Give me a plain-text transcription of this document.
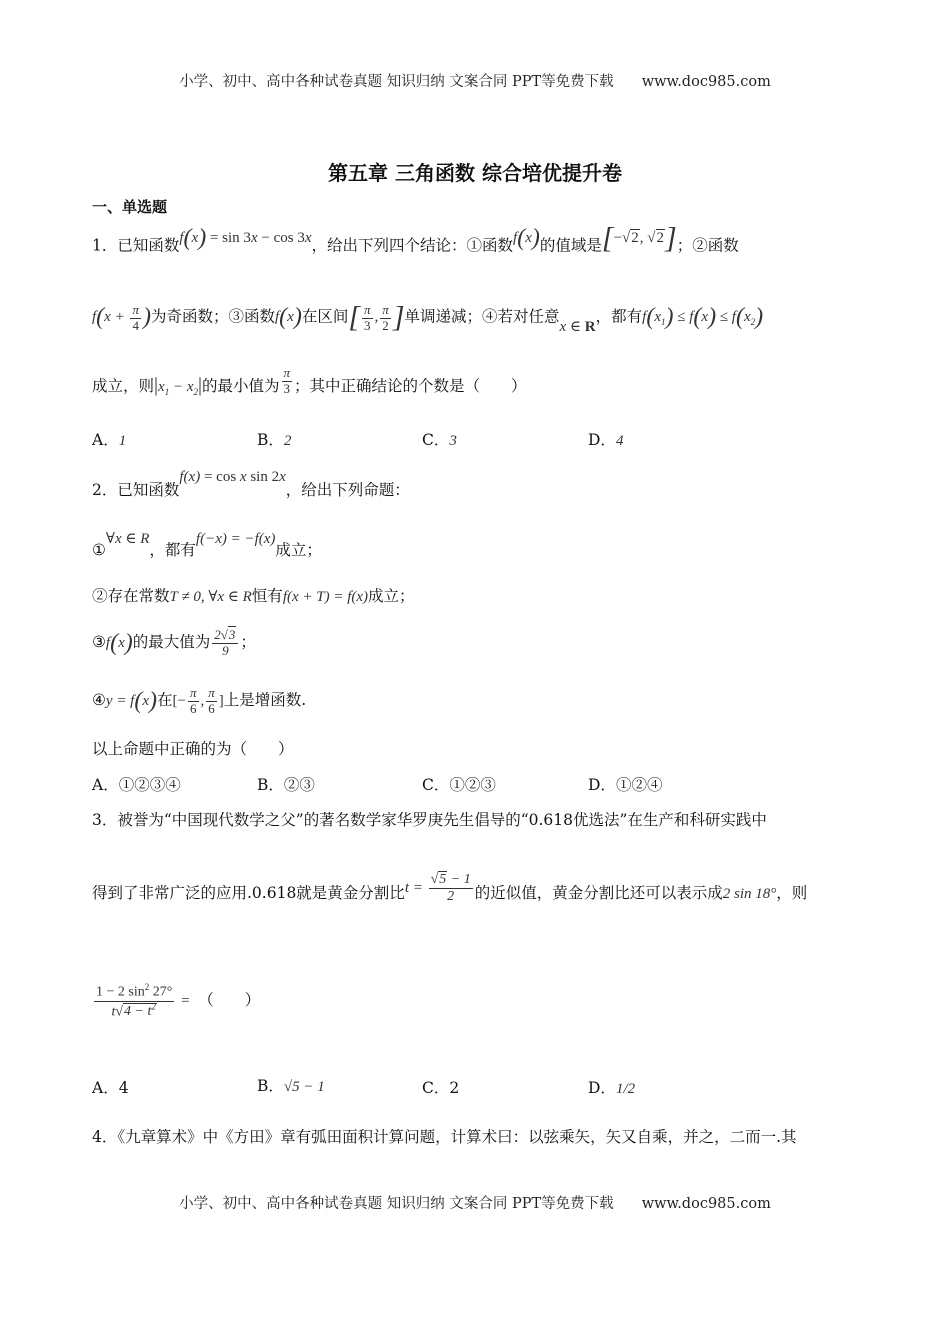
小学、初中、高中各种试卷真题 知识归纳 文案合同 PPT等免费下载 www.doc985.com
小学、初中、高中各种试卷真题 知识归纳 文案合同 PPT等免费下载 www.doc985.com
第五章 三角函数 综合培优提升卷
一、单选题
1．已知函数f(x) = sin 3x − cos 3x，给出下列四个结论：①函数f(x)的值域是[−√2, √2]；②函数
$f(x + \frac{\pi}{4}$ )为奇函数；③函数f(x)在区间[ $\frac{\pi}{3}$ , $\frac{\pi}{2}$ ]单调递减；④若对任意x ∈ R，都有$f(x_1) \le f(x) \le f(x_2)$
成立，则$|x_1 - x_2|$的最小值为 $\frac{\pi}{3}$ ；其中正确结论的个数是（　　）
A．1	B．2	C．3	D．4
2．已知函数f(x) = cos x sin 2x，给出下列命题：
①∀x ∈ R，都有f(−x) = −f(x)成立；
②存在常数T ≠ 0, ∀x ∈ R恒有f(x + T) = f(x)成立；
③f(x)的最大值为 $\frac{2√3}{9}$ ；
④y = f(x)在[− $\frac{\pi}{6}$ , $\frac{\pi}{6}$ ]上是增函数.
以上命题中正确的为（　　）
A．①②③④	B．②③	C．①②③	D．①②④
3．被誉为“中国现代数学之父”的著名数学家华罗庚先生倡导的“0.618优选法”在生产和科研实践中
得到了非常广泛的应用.0.618就是黄金分割比$t = \frac{√5 - 1}{2}$ 的近似值，黄金分割比还可以表示成2 sin 18°，则
$\frac{1 - 2 \sin^2 27^\circ}{t√4 - t^2}$ = （　　）
A．4	B．√5 − 1	C．2	D．1/2
4．《九章算术》中《方田》章有弧田面积计算问题，计算术曰：以弦乘矢，矢又自乘，并之，二而一.其
